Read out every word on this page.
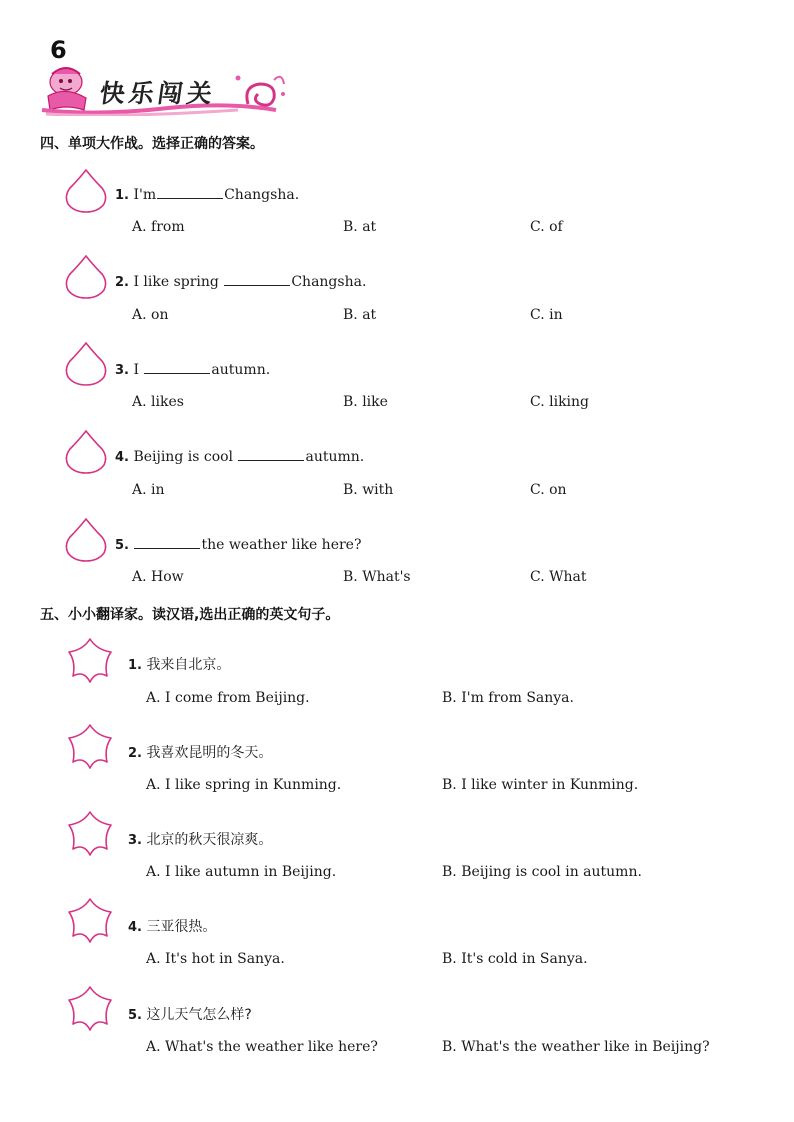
6
快乐闯关
四、单项大作战。选择正确的答案。
1. I'm	Changsha.
A. from	B. at	C. of
2. I like spring	Changsha.
A. on	B. at	C. in
3. I	autumn.
A. likes	B. like	C. liking
4. Beijing is cool	autumn.
A. in	B. with	C. on
5.	the weather like here?
A. How	B. What's	C. What
五、小小翻译家。读汉语,选出正确的英文句子。
1. 我来自北京。
A. I come from Beijing.	B. I'm from Sanya.
2. 我喜欢昆明的冬天。
A. I like spring in Kunming.	B. I like winter in Kunming.
3. 北京的秋天很凉爽。
A. I like autumn in Beijing.	B. Beijing is cool in autumn.
4. 三亚很热。
A. It's hot in Sanya.	B. It's cold in Sanya.
5. 这儿天气怎么样?
A. What's the weather like here?	B. What's the weather like in Beijing?
